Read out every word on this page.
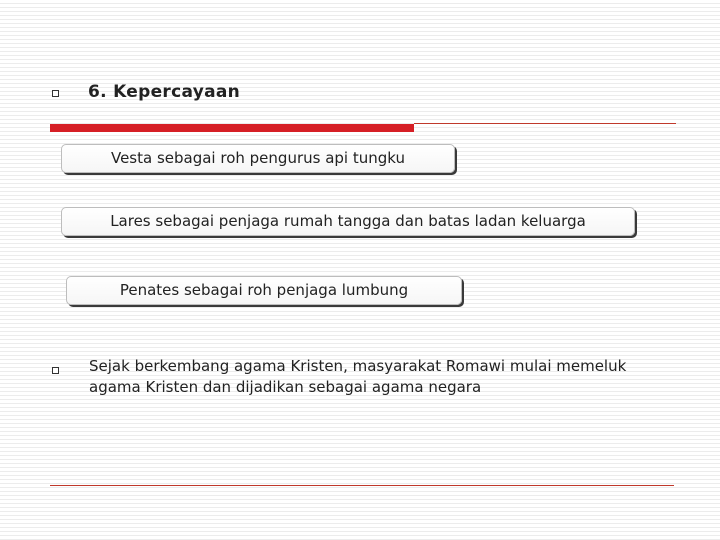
6. Kepercayaan
Vesta sebagai roh pengurus api tungku
Lares sebagai penjaga rumah tangga dan batas ladan keluarga
Penates sebagai roh penjaga lumbung
Sejak berkembang agama Kristen, masyarakat Romawi mulai memeluk
agama Kristen dan dijadikan sebagai agama negara
